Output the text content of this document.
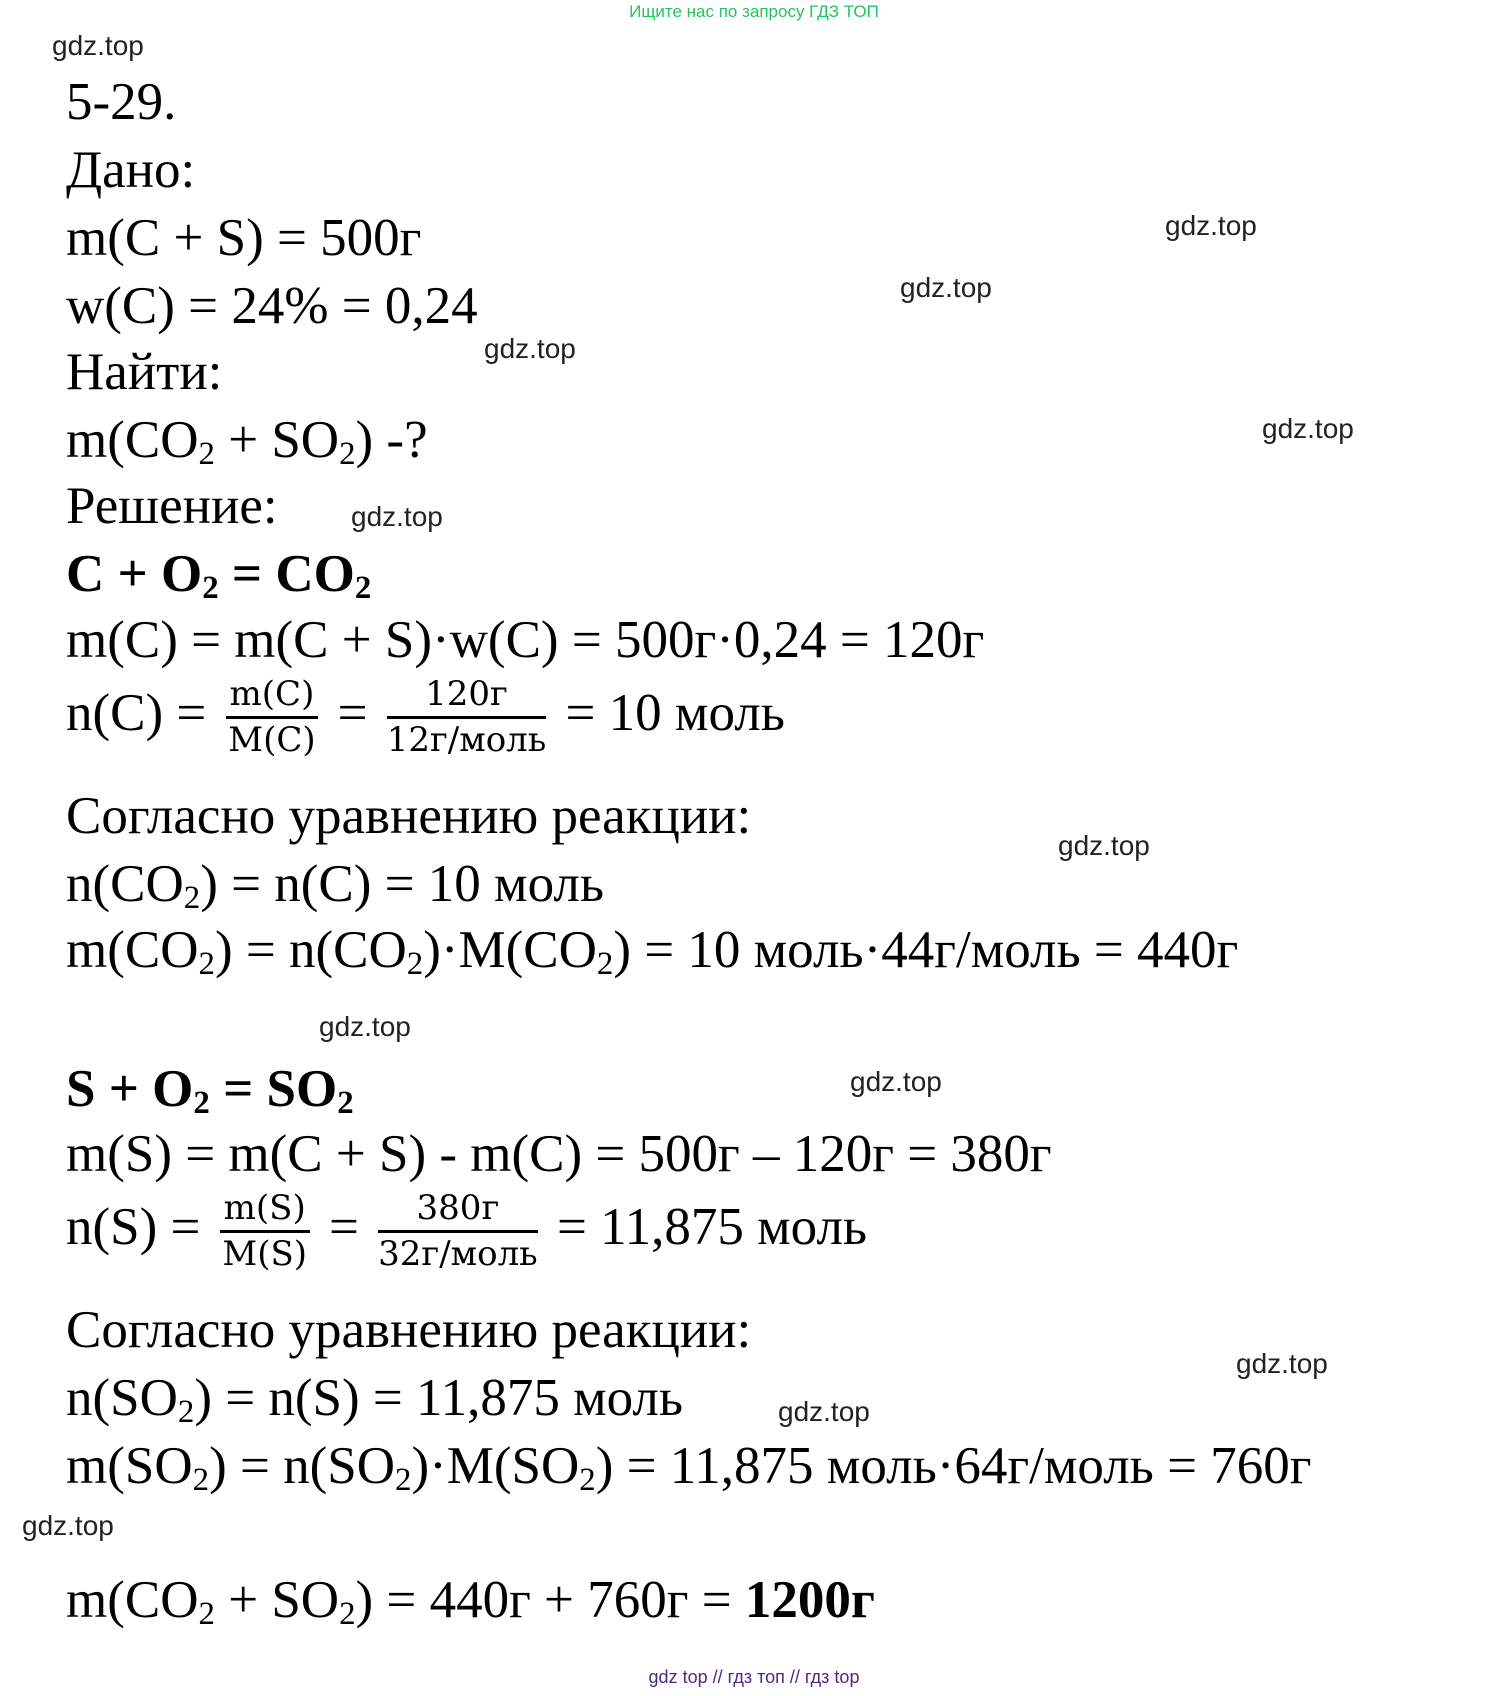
Ищите нас по запросу ГДЗ ТОП
gdz.top
gdz.top
gdz.top
gdz.top
gdz.top
gdz.top
gdz.top
gdz.top
gdz.top
gdz.top
gdz.top
gdz.top
5-29.
Дано:
m(C + S) = 500г
w(C) = 24% = 0,24
Найти:
$m(CO_2 + SO_2)$ -?
Решение:
$C + O_2 = CO_2$
m(C) = m(C + S)·w(C) = 500г·0,24 = 120г
$n(C) = \frac{m(C)}{M(C)} = \frac{120г}{\text{12г/моль}} = 10$ моль
Согласно уравнению реакции:
$n(CO_2) = n(C) = 10$ моль
$m(CO_2) = n(CO_2)\cdot M(CO_2) = 10$ моль·44г/моль = 440г
$S + O_2 = SO_2$
m(S) = m(C + S) - m(C) = 500г – 120г = 380г
$n(S) = \frac{m(S)}{M(S)} = \frac{380г}{\text{32г/моль}} = 11,875$ моль
Согласно уравнению реакции:
$n(SO_2) = n(S) = 11,875$ моль
$m(SO_2) = n(SO_2)\cdot M(SO_2) = 11,875$ моль·64г/моль = 760г
$m(CO_2 + SO_2) = 440г + 760г = 1200г$
gdz top // гдз топ // гдз top
